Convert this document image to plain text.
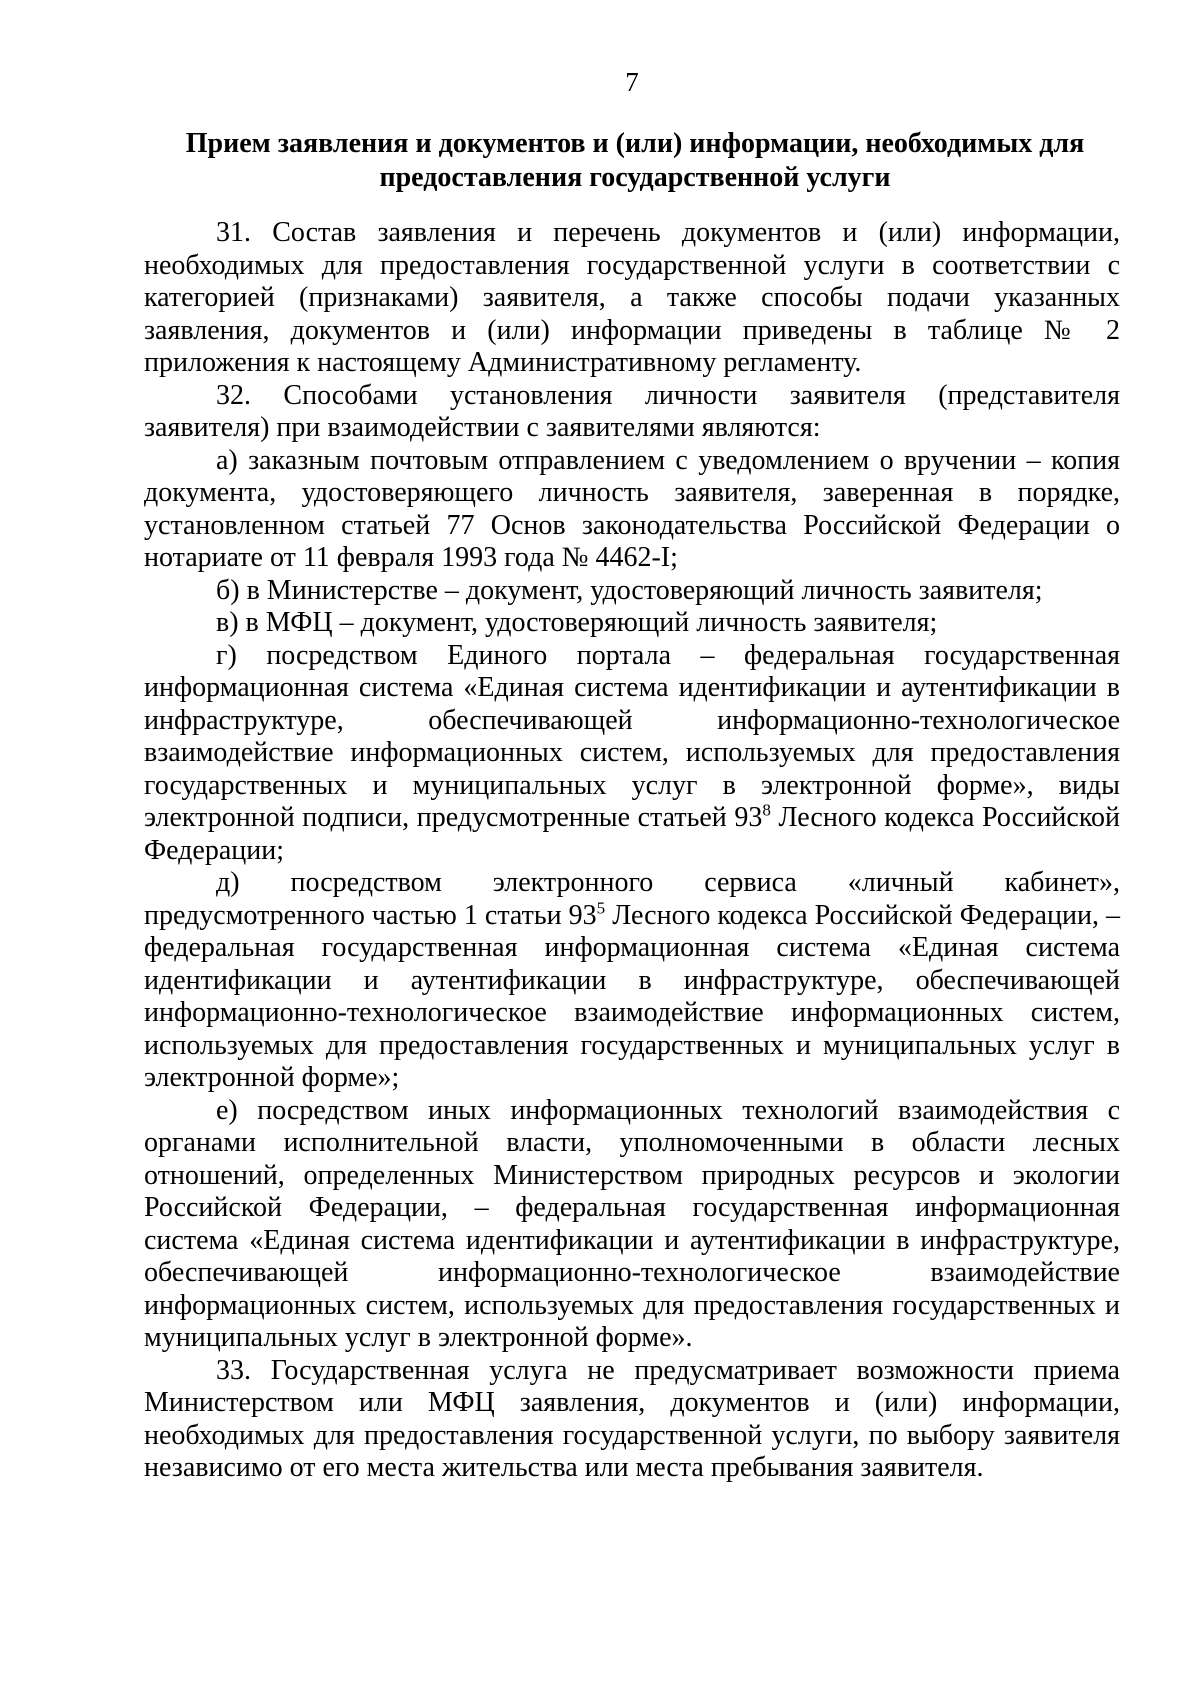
7
Прием заявления и документов и (или) информации, необходимых для предоставления государственной услуги

31. Состав заявления и перечень документов и (или) информации, необходимых для предоставления государственной услуги в соответствии с категорией (признаками) заявителя, а также способы подачи указанных заявления, документов и (или) информации приведены в таблице № 2 приложения к настоящему Административному регламенту.

32. Способами установления личности заявителя (представителя заявителя) при взаимодействии с заявителями являются:

а) заказным почтовым отправлением с уведомлением о вручении – копия документа, удостоверяющего личность заявителя, заверенная в порядке, установленном статьей 77 Основ законодательства Российской Федерации о нотариате от 11 февраля 1993 года № 4462-I;

б) в Министерстве – документ, удостоверяющий личность заявителя;

в) в МФЦ – документ, удостоверяющий личность заявителя;

г) посредством Единого портала – федеральная государственная информационная система «Единая система идентификации и аутентификации в инфраструктуре, обеспечивающей информационно-технологическое взаимодействие информационных систем, используемых для предоставления государственных и муниципальных услуг в электронной форме», виды электронной подписи, предусмотренные статьей $93^8$ Лесного кодекса Российской Федерации;

д) посредством электронного сервиса «личный кабинет», предусмотренного частью 1 статьи $93^5$ Лесного кодекса Российской Федерации, – федеральная государственная информационная система «Единая система идентификации и аутентификации в инфраструктуре, обеспечивающей информационно-технологическое взаимодействие информационных систем, используемых для предоставления государственных и муниципальных услуг в электронной форме»;

е) посредством иных информационных технологий взаимодействия с органами исполнительной власти, уполномоченными в области лесных отношений, определенных Министерством природных ресурсов и экологии Российской Федерации, – федеральная государственная информационная система «Единая система идентификации и аутентификации в инфраструктуре, обеспечивающей информационно-технологическое взаимодействие информационных систем, используемых для предоставления государственных и муниципальных услуг в электронной форме».

33. Государственная услуга не предусматривает возможности приема Министерством или МФЦ заявления, документов и (или) информации, необходимых для предоставления государственной услуги, по выбору заявителя независимо от его места жительства или места пребывания заявителя.
